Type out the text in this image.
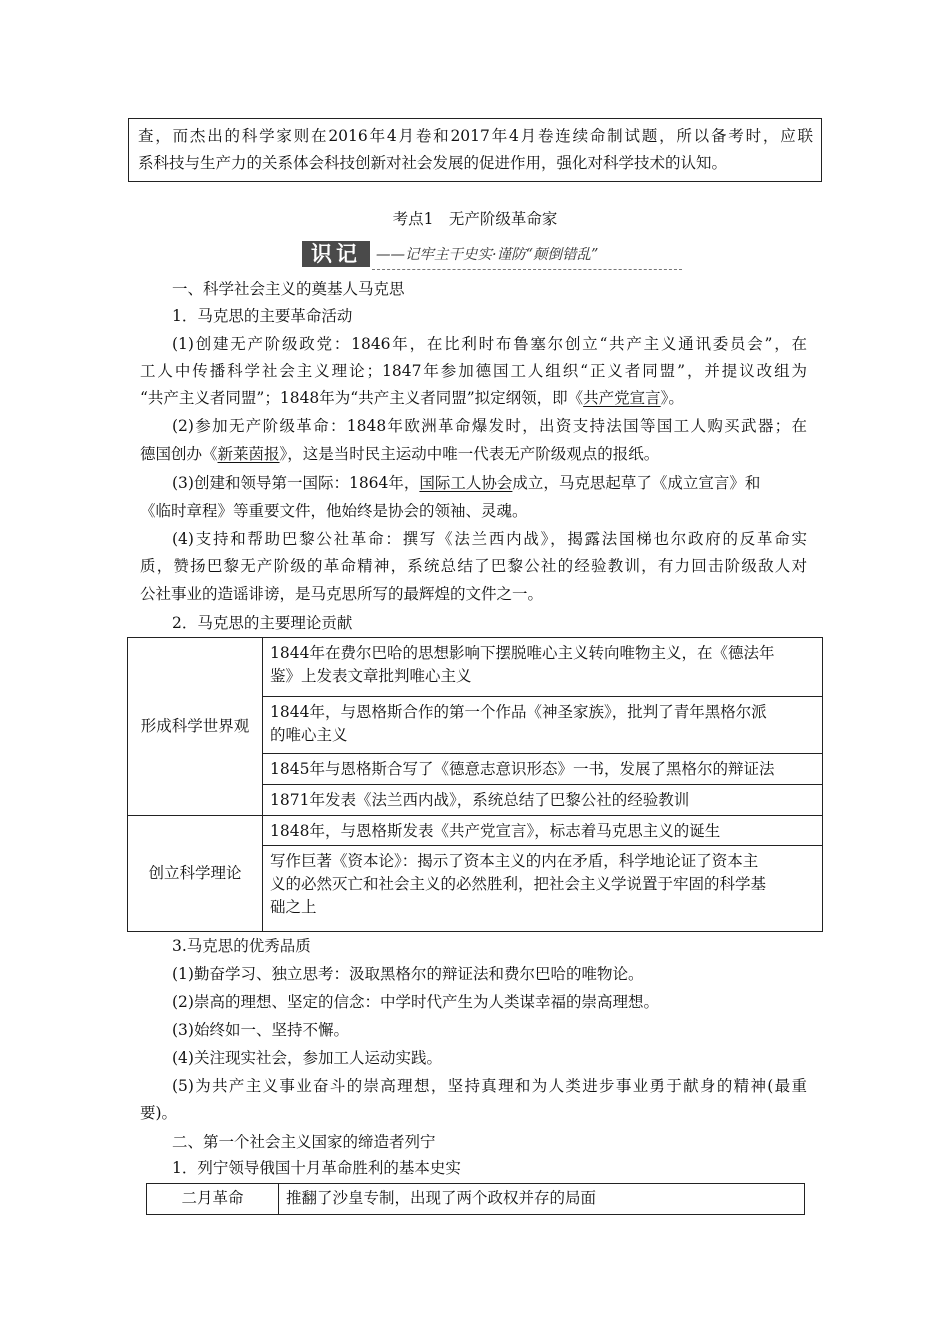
查，而杰出的科学家则在2016年4月卷和2017年4月卷连续命制试题，所以备考时，应联
系科技与生产力的关系体会科技创新对社会发展的促进作用，强化对科学技术的认知。
考点1　无产阶级革命家
识记	——记牢主干史实·谨防“颠倒错乱”
一、科学社会主义的奠基人马克思
1．马克思的主要革命活动
(1)创建无产阶级政党：1846年，在比利时布鲁塞尔创立“共产主义通讯委员会”，在
工人中传播科学社会主义理论；1847年参加德国工人组织“正义者同盟”，并提议改组为
“共产主义者同盟”；1848年为“共产主义者同盟”拟定纲领，即《共产党宣言》。
(2)参加无产阶级革命：1848年欧洲革命爆发时，出资支持法国等国工人购买武器；在
德国创办《新莱茵报》，这是当时民主运动中唯一代表无产阶级观点的报纸。
(3)创建和领导第一国际：1864年，国际工人协会成立，马克思起草了《成立宣言》和
《临时章程》等重要文件，他始终是协会的领袖、灵魂。
(4)支持和帮助巴黎公社革命：撰写《法兰西内战》，揭露法国梯也尔政府的反革命实
质，赞扬巴黎无产阶级的革命精神，系统总结了巴黎公社的经验教训，有力回击阶级敌人对
公社事业的造谣诽谤，是马克思所写的最辉煌的文件之一。
2．马克思的主要理论贡献
形成科学世界观	1844年在费尔巴哈的思想影响下摆脱唯心主义转向唯物主义，在《德法年
鉴》上发表文章批判唯心主义

	1844年，与恩格斯合作的第一个作品《神圣家族》，批判了青年黑格尔派
的唯心主义

	1845年与恩格斯合写了《德意志意识形态》一书，发展了黑格尔的辩证法
	1871年发表《法兰西内战》，系统总结了巴黎公社的经验教训
创立科学理论	1848年，与恩格斯发表《共产党宣言》，标志着马克思主义的诞生

	写作巨著《资本论》：揭示了资本主义的内在矛盾，科学地论证了资本主
义的必然灭亡和社会主义的必然胜利，把社会主义学说置于牢固的科学基
础之上
3.马克思的优秀品质
(1)勤奋学习、独立思考：汲取黑格尔的辩证法和费尔巴哈的唯物论。
(2)崇高的理想、坚定的信念：中学时代产生为人类谋幸福的崇高理想。
(3)始终如一、坚持不懈。
(4)关注现实社会，参加工人运动实践。
(5)为共产主义事业奋斗的崇高理想，坚持真理和为人类进步事业勇于献身的精神(最重
要)。
二、第一个社会主义国家的缔造者列宁
1．列宁领导俄国十月革命胜利的基本史实
二月革命	推翻了沙皇专制，出现了两个政权并存的局面
